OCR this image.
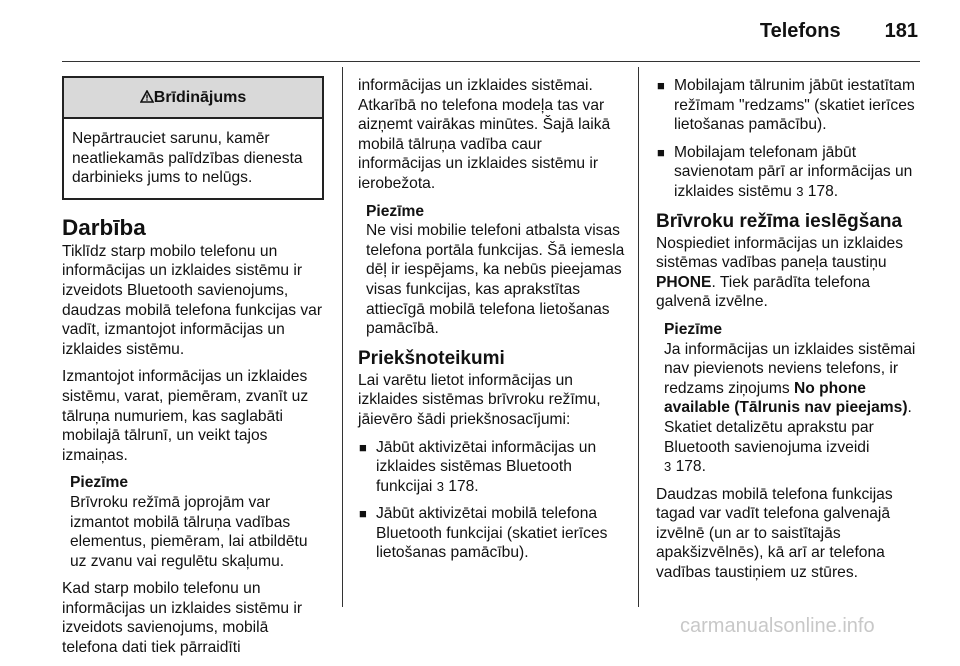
Telefons 181
Brīdinājums
Nepārtrauciet sarunu, kamēr neatliekamās palīdzības dienesta darbinieks jums to nelūgs.
Darbība

Tiklīdz starp mobilo telefonu un informācijas un izklaides sistēmu ir izveidots Bluetooth savienojums, daudzas mobilā telefona funkcijas var vadīt, izmantojot informācijas un izklaides sistēmu.

Izmantojot informācijas un izklaides sistēmu, varat, piemēram, zvanīt uz tālruņa numuriem, kas saglabāti mobilajā tālrunī, un veikt tajos izmaiņas.

Piezīme
Brīvroku režīmā joprojām var izmantot mobilā tālruņa vadības elementus, piemēram, lai atbildētu uz zvanu vai regulētu skaļumu.

Kad starp mobilo telefonu un informācijas un izklaides sistēmu ir izveidots savienojums, mobilā telefona dati tiek pārraidīti

informācijas un izklaides sistēmai. Atkarībā no telefona modeļa tas var aizņemt vairākas minūtes. Šajā laikā mobilā tālruņa vadība caur informācijas un izklaides sistēmu ir ierobežota.

Piezīme
Ne visi mobilie telefoni atbalsta visas telefona portāla funkcijas. Šā iemesla dēļ ir iespējams, ka nebūs pieejamas visas funkcijas, kas aprakstītas attiecīgā mobilā telefona lietošanas pamācībā.
Priekšnoteikumi

Lai varētu lietot informācijas un izklaides sistēmas brīvroku režīmu, jāievēro šādi priekšnosacījumi:

■ Jābūt aktivizētai informācijas un izklaides sistēmas Bluetooth funkcijai 3 178.
■ Jābūt aktivizētai mobilā telefona Bluetooth funkcijai (skatiet ierīces lietošanas pamācību).
■ Mobilajam tālrunim jābūt iestatītam režīmam "redzams" (skatiet ierīces lietošanas pamācību).
■ Mobilajam telefonam jābūt savienotam pārī ar informācijas un izklaides sistēmu 3 178.
Brīvroku režīma ieslēgšana

Nospiediet informācijas un izklaides sistēmas vadības paneļa taustiņu PHONE. Tiek parādīta telefona galvenā izvēlne.

Piezīme
Ja informācijas un izklaides sistēmai nav pievienots neviens telefons, ir redzams ziņojums No phone available (Tālrunis nav pieejams). Skatiet detalizētu aprakstu par Bluetooth savienojuma izveidi
3 178.

Daudzas mobilā telefona funkcijas tagad var vadīt telefona galvenajā izvēlnē (un ar to saistītajās apakšizvēlnēs), kā arī ar telefona vadības taustiņiem uz stūres.

carmanualsonline.info
